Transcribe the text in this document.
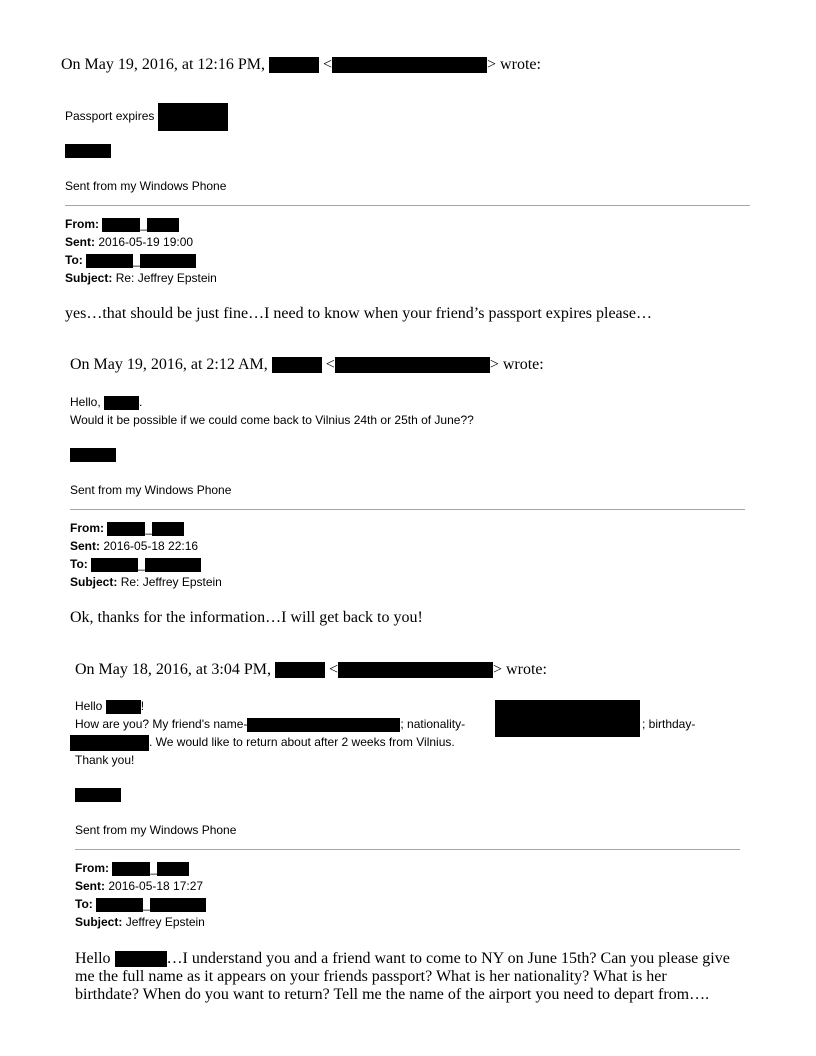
On May 19, 2016, at 12:16 PM,	<	> wrote:
Passport expires
Sent from my Windows Phone
From:	_
Sent: 2016-05-19 19:00
To:	_
Subject: Re: Jeffrey Epstein
yes…that should be just fine…I need to know when your friend’s passport expires please…
On May 19, 2016, at 2:12 AM,	<	> wrote:
Hello,	.
Would it be possible if we could come back to Vilnius 24th or 25th of June??
Sent from my Windows Phone
From:	_
Sent: 2016-05-18 22:16
To:	_
Subject: Re: Jeffrey Epstein
Ok, thanks for the information…I will get back to you!
On May 18, 2016, at 3:04 PM,	<	> wrote:
Hello	!
How are you? My friend's name-	; nationality-	; birthday-
. We would like to return about after 2 weeks from Vilnius.
Thank you!
Sent from my Windows Phone
From:	_
Sent: 2016-05-18 17:27
To:	_
Subject: Jeffrey Epstein
Hello	…I understand you and a friend want to come to NY on June 15th? Can you please give
me the full name as it appears on your friends passport? What is her nationality? What is her
birthdate? When do you want to return? Tell me the name of the airport you need to depart from….
